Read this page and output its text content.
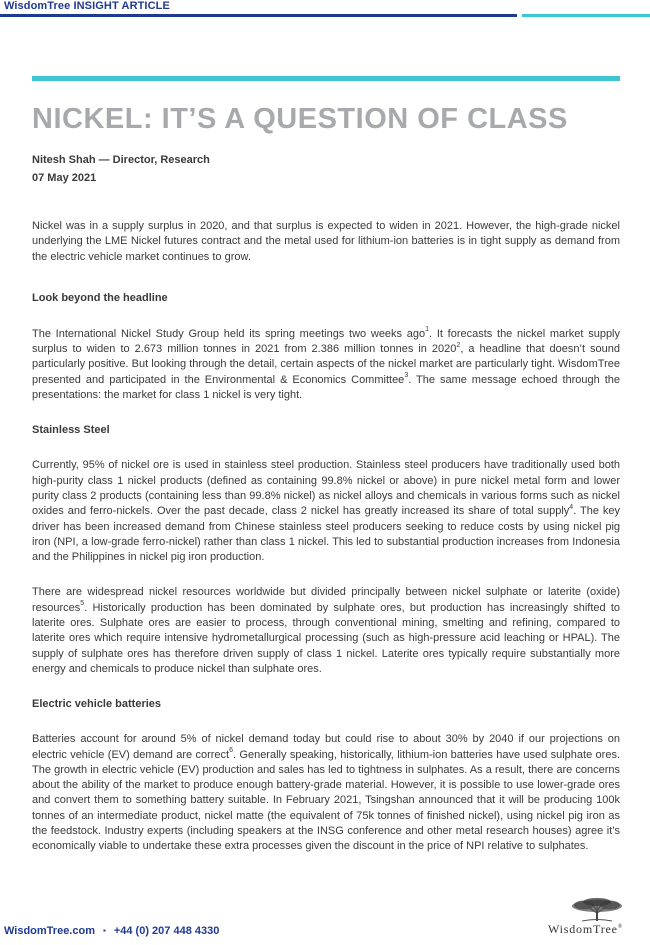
WisdomTree INSIGHT ARTICLE
NICKEL: IT’S A QUESTION OF CLASS
Nitesh Shah — Director, Research
07 May 2021

Nickel was in a supply surplus in 2020, and that surplus is expected to widen in 2021. However, the high-grade nickel underlying the LME Nickel futures contract and the metal used for lithium-ion batteries is in tight supply as demand from the electric vehicle market continues to grow.

Look beyond the headline

The International Nickel Study Group held its spring meetings two weeks ago$^1$. It forecasts the nickel market supply surplus to widen to 2.673 million tonnes in 2021 from 2.386 million tonnes in 2020$^2$, a headline that doesn’t sound particularly positive. But looking through the detail, certain aspects of the nickel market are particularly tight. WisdomTree presented and participated in the Environmental & Economics Committee$^3$. The same message echoed through the presentations: the market for class 1 nickel is very tight.

Stainless Steel

Currently, 95% of nickel ore is used in stainless steel production. Stainless steel producers have traditionally used both high-purity class 1 nickel products (defined as containing 99.8% nickel or above) in pure nickel metal form and lower purity class 2 products (containing less than 99.8% nickel) as nickel alloys and chemicals in various forms such as nickel oxides and ferro-nickels. Over the past decade, class 2 nickel has greatly increased its share of total supply$^4$. The key driver has been increased demand from Chinese stainless steel producers seeking to reduce costs by using nickel pig iron (NPI, a low-grade ferro-nickel) rather than class 1 nickel. This led to substantial production increases from Indonesia and the Philippines in nickel pig iron production.

There are widespread nickel resources worldwide but divided principally between nickel sulphate or laterite (oxide) resources$^5$. Historically production has been dominated by sulphate ores, but production has increasingly shifted to laterite ores. Sulphate ores are easier to process, through conventional mining, smelting and refining, compared to laterite ores which require intensive hydrometallurgical processing (such as high-pressure acid leaching or HPAL). The supply of sulphate ores has therefore driven supply of class 1 nickel. Laterite ores typically require substantially more energy and chemicals to produce nickel than sulphate ores.

Electric vehicle batteries

Batteries account for around 5% of nickel demand today but could rise to about 30% by 2040 if our projections on electric vehicle (EV) demand are correct$^6$. Generally speaking, historically, lithium-ion batteries have used sulphate ores. The growth in electric vehicle (EV) production and sales has led to tightness in sulphates. As a result, there are concerns about the ability of the market to produce enough battery-grade material. However, it is possible to use lower-grade ores and convert them to something battery suitable. In February 2021, Tsingshan announced that it will be producing 100k tonnes of an intermediate product, nickel matte (the equivalent of 75k tonnes of finished nickel), using nickel pig iron as the feedstock. Industry experts (including speakers at the INSG conference and other metal research houses) agree it’s economically viable to undertake these extra processes given the discount in the price of NPI relative to sulphates.

WisdomTree.com ▪ +44 (0) 207 448 4330	WisdomTree®
